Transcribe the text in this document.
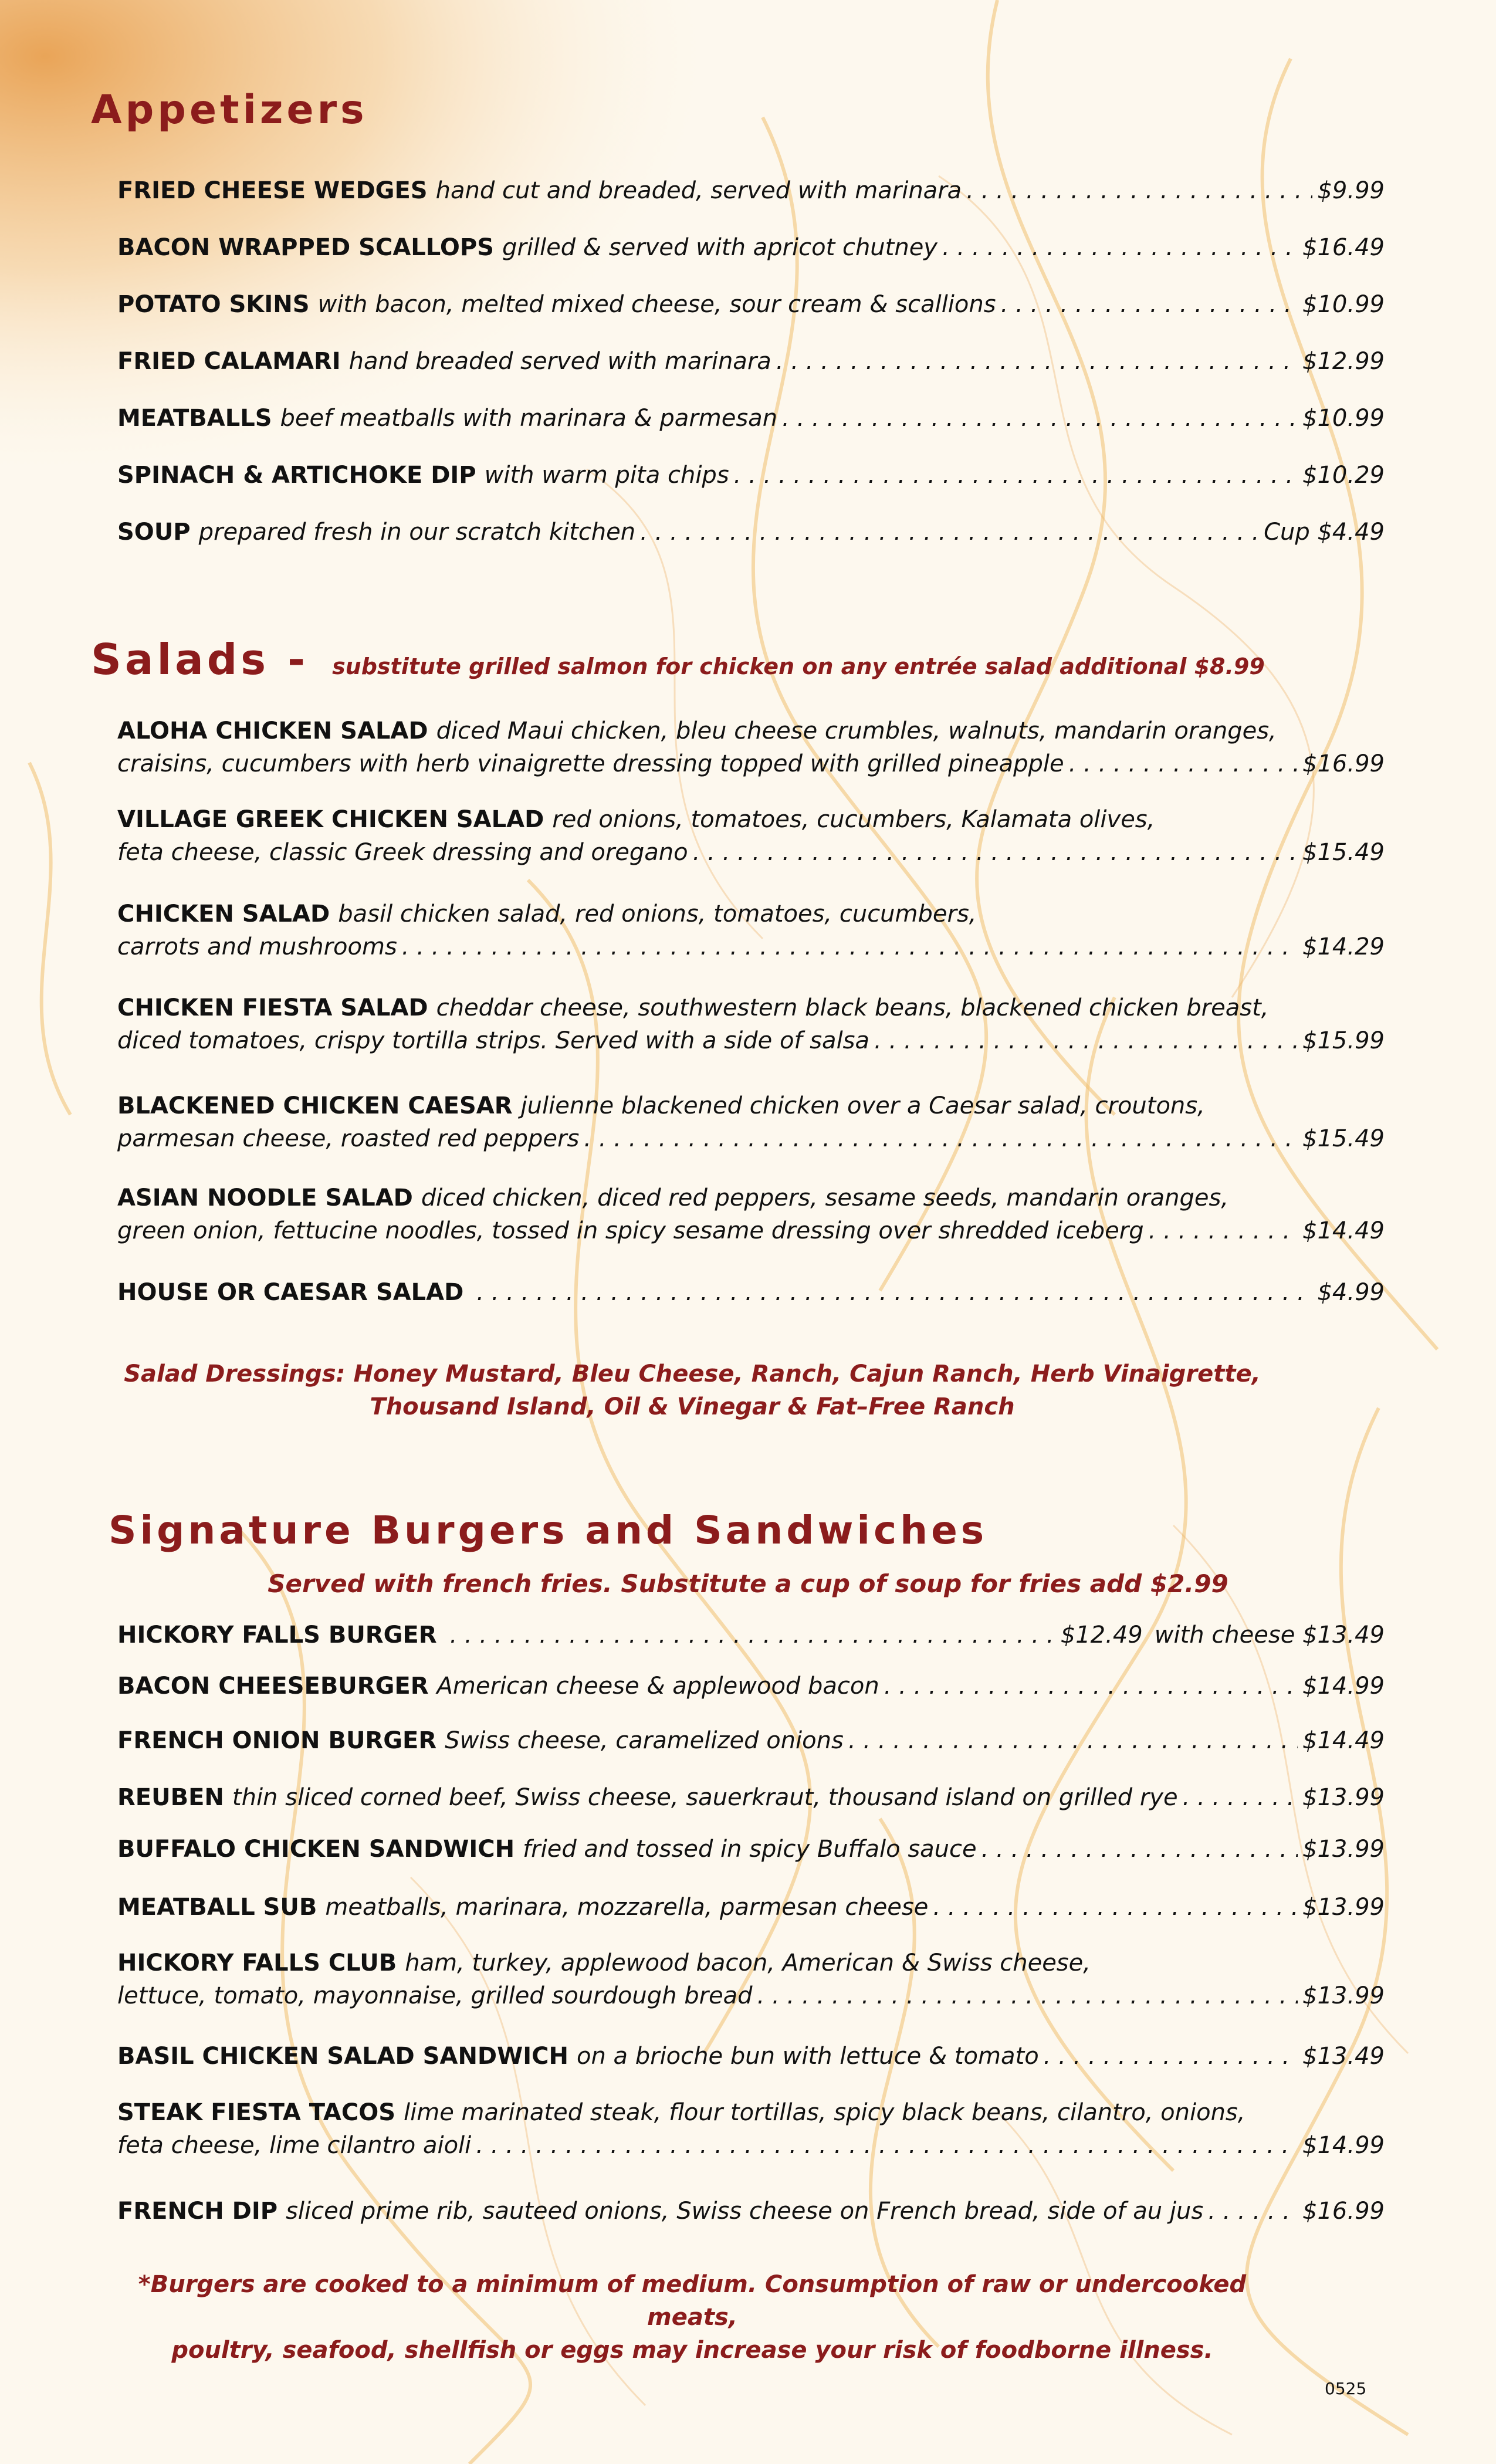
Appetizers
FRIED CHEESE WEDGES hand cut and breaded, served with marinara . . .	$9.99
BACON WRAPPED SCALLOPS grilled & served with apricot chutney . . .	$16.49
POTATO SKINS with bacon, melted mixed cheese, sour cream & scallions . . .	$10.99
FRIED CALAMARI hand breaded served with marinara . . .	$12.99
MEATBALLS beef meatballs with marinara & parmesan . . .	$10.99
SPINACH & ARTICHOKE DIP with warm pita chips . . .	$10.29
SOUP prepared fresh in our scratch kitchen . . .	Cup $4.49
Salads - substitute grilled salmon for chicken on any entrée salad additional $8.99
ALOHA CHICKEN SALAD diced Maui chicken, bleu cheese crumbles, walnuts, mandarin oranges,
craisins, cucumbers with herb vinaigrette dressing topped with grilled pineapple . . .	$16.99
VILLAGE GREEK CHICKEN SALAD red onions, tomatoes, cucumbers, Kalamata olives,
feta cheese, classic Greek dressing and oregano . . .	$15.49
CHICKEN SALAD basil chicken salad, red onions, tomatoes, cucumbers,
carrots and mushrooms . . .	$14.29
CHICKEN FIESTA SALAD cheddar cheese, southwestern black beans, blackened chicken breast,
diced tomatoes, crispy tortilla strips. Served with a side of salsa . . .	$15.99
BLACKENED CHICKEN CAESAR julienne blackened chicken over a Caesar salad, croutons,
parmesan cheese, roasted red peppers . . .	$15.49
ASIAN NOODLE SALAD diced chicken, diced red peppers, sesame seeds, mandarin oranges,
green onion, fettucine noodles, tossed in spicy sesame dressing over shredded iceberg . . .	$14.49
HOUSE OR CAESAR SALAD . . .	$4.99
Salad Dressings: Honey Mustard, Bleu Cheese, Ranch, Cajun Ranch, Herb Vinaigrette,
Thousand Island, Oil & Vinegar & Fat–Free Ranch
Signature Burgers and Sandwiches
Served with french fries. Substitute a cup of soup for fries add $2.99
HICKORY FALLS BURGER . . .	$12.49 with cheese $13.49
BACON CHEESEBURGER American cheese & applewood bacon . . .	$14.99
FRENCH ONION BURGER Swiss cheese, caramelized onions . . .	$14.49
REUBEN thin sliced corned beef, Swiss cheese, sauerkraut, thousand island on grilled rye . . .	$13.99
BUFFALO CHICKEN SANDWICH fried and tossed in spicy Buffalo sauce . . .	$13.99
MEATBALL SUB meatballs, marinara, mozzarella, parmesan cheese . . .	$13.99
HICKORY FALLS CLUB ham, turkey, applewood bacon, American & Swiss cheese,
lettuce, tomato, mayonnaise, grilled sourdough bread . . .	$13.99
BASIL CHICKEN SALAD SANDWICH on a brioche bun with lettuce & tomato . . .	$13.49
STEAK FIESTA TACOS lime marinated steak, flour tortillas, spicy black beans, cilantro, onions,
feta cheese, lime cilantro aioli . . .	$14.99
FRENCH DIP sliced prime rib, sauteed onions, Swiss cheese on French bread, side of au jus . . .	$16.99
*Burgers are cooked to a minimum of medium. Consumption of raw or undercooked meats,
poultry, seafood, shellfish or eggs may increase your risk of foodborne illness.
0525
